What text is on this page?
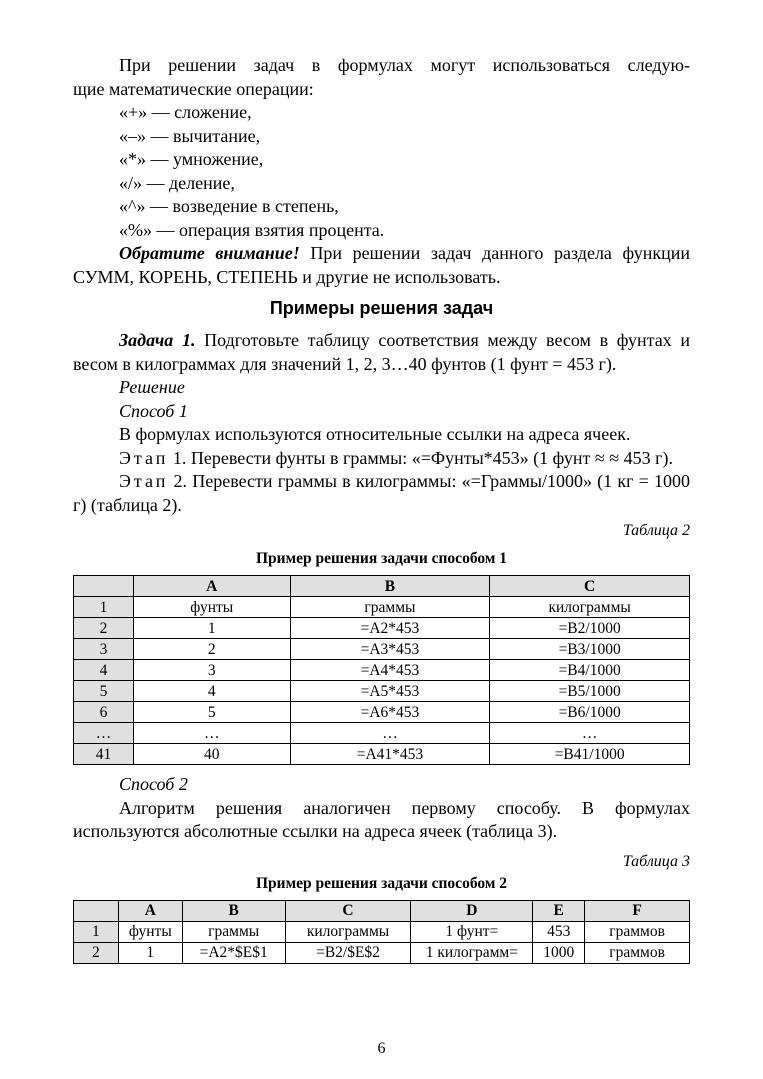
При решении задач в формулах могут использоваться следую-

щие математические операции:

«+» — сложение,
«–» — вычитание,
«*» — умножение,
«/» — деление,
«^» — возведение в степень,
«%» — операция взятия процента.

Обратите внимание! При решении задач данного раздела функции СУММ, КОРЕНЬ, СТЕПЕНЬ и другие не использовать.

Примеры решения задач

Задача 1. Подготовьте таблицу соответствия между весом в фунтах и весом в килограммах для значений 1, 2, 3…40 фунтов (1 фунт = 453 г).

Решение

Способ 1

В формулах используются относительные ссылки на адреса ячеек.

Этап 1. Перевести фунты в граммы: «=Фунты*453» (1 фунт ≈ ≈ 453 г).

Этап 2. Перевести граммы в килограммы: «=Граммы/1000» (1 кг = 1000 г) (таблица 2).

Таблица 2
Пример решения задачи способом 1
	A	B	C
1	фунты	граммы	килограммы
2	1	=A2*453	=B2/1000
3	2	=A3*453	=B3/1000
4	3	=A4*453	=B4/1000
5	4	=A5*453	=B5/1000
6	5	=A6*453	=B6/1000
…	…	…	…
41	40	=A41*453	=B41/1000

Способ 2

Алгоритм решения аналогичен первому способу. В формулах используются абсолютные ссылки на адреса ячеек (таблица 3).

Таблица 3
Пример решения задачи способом 2
	A	B	C	D	E	F
1	фунты	граммы	килограммы	1 фунт=	453	граммов
2	1	=A2*$E$1	=B2/$E$2	1 килограмм=	1000	граммов
6
